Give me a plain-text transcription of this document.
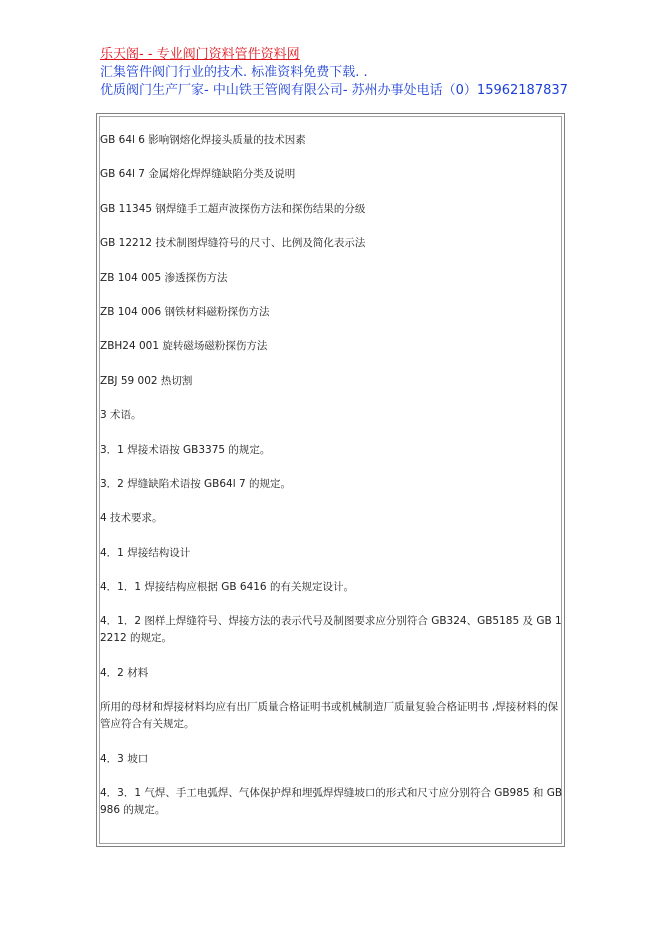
乐天阁- - 专业阀门资料管件资料网

汇集管件阀门行业的技术. 标准资料免费下载. .

优质阀门生产厂家- 中山铁王管阀有限公司- 苏州办事处电话（0）15962187837

GB 64l 6 影响钢熔化焊接头质量的技术因素

GB 64l 7 金属熔化焊焊缝缺陷分类及说明

GB 11345 钢焊缝手工超声波探伤方法和探伤结果的分级

GB 12212 技术制图焊缝符号的尺寸、比例及简化表示法

ZB 104 005 渗透探伤方法

ZB 104 006 钢铁材料磁粉探伤方法

ZBH24 001 旋转磁场磁粉探伤方法

ZBJ 59 002 热切割

3 术语。

3．1 焊接术语按 GB3375 的规定。

3．2 焊缝缺陷术语按 GB64l 7 的规定。

4 技术要求。

4．1 焊接结构设计

4．1．1 焊接结构应根据 GB 6416 的有关规定设计。

4．1．2 图样上焊缝符号、焊接方法的表示代号及制图要求应分别符合 GB324、GB5185 及 GB 12212 的规定。

4．2 材料

所用的母材和焊接材料均应有出厂质量合格证明书或机械制造厂质量复验合格证明书 ,焊接材料的保管应符合有关规定。

4．3 坡口

4．3．1 气焊、手工电弧焊、气体保护焊和埋弧焊焊缝坡口的形式和尺寸应分别符合 GB985 和 GB986 的规定。
